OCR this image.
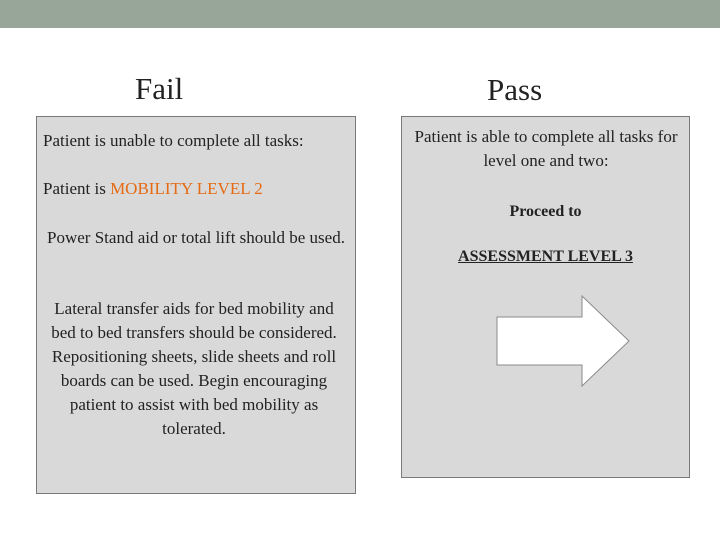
Fail	Pass
Patient is unable to complete all tasks:
Patient is MOBILITY LEVEL 2
Power Stand aid or total lift should be used.
Lateral transfer aids for bed mobility and bed to bed transfers should be considered. Repositioning sheets, slide sheets and roll boards can be used. Begin encouraging patient to assist with bed mobility as tolerated.
Patient is able to complete all tasks for level one and two:
Proceed to
ASSESSMENT LEVEL 3
